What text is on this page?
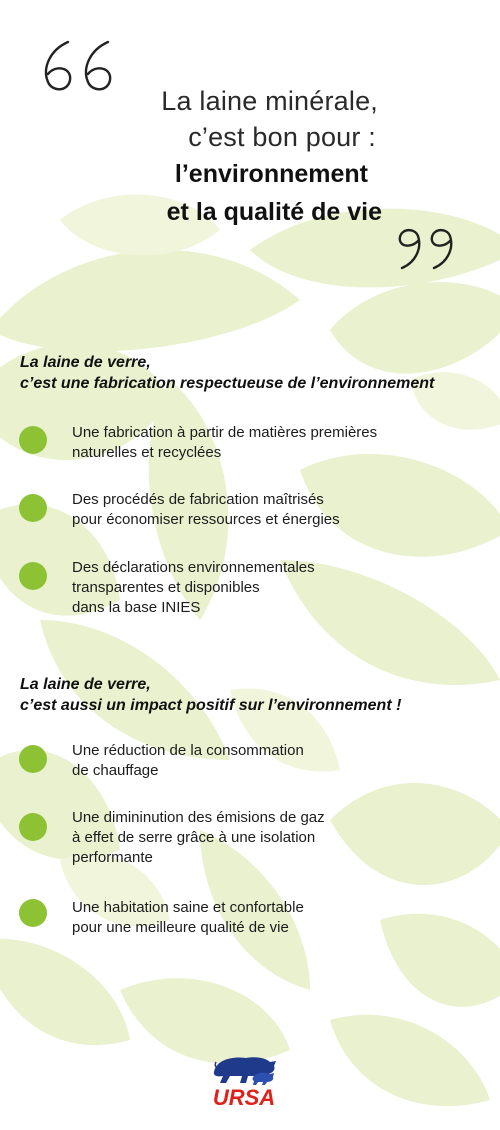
La laine minérale,
c’est bon pour :
l’environnement
et la qualité de vie
La laine de verre,
c’est une fabrication respectueuse de l’environnement
Une fabrication à partir de matières premières
naturelles et recyclées
Des procédés de fabrication maîtrisés
pour économiser ressources et énergies
Des déclarations environnementales
transparentes et disponibles
dans la base INIES
La laine de verre,
c’est aussi un impact positif sur l’environnement !
Une réduction de la consommation
de chauffage
Une dimininution des émisions de gaz
à effet de serre grâce à une isolation
performante
Une habitation saine et confortable
pour une meilleure qualité de vie
URSA
